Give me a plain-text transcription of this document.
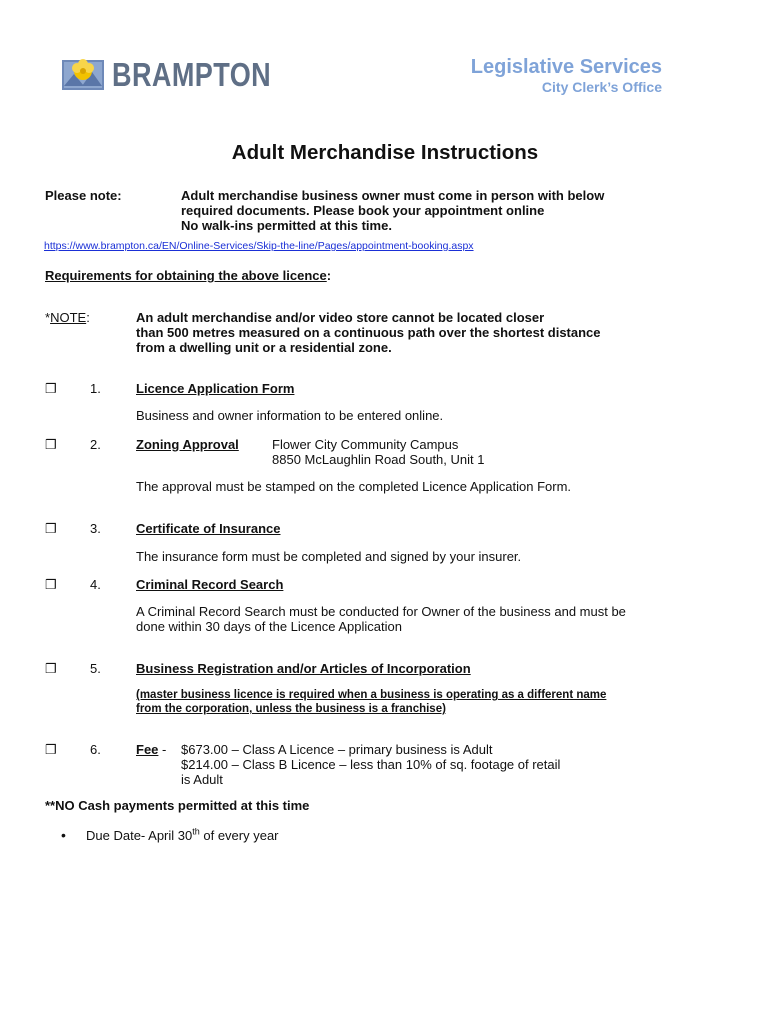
BRAMPTON	Legislative Services
City Clerk’s Office
Adult Merchandise Instructions
Please note:	Adult merchandise business owner must come in person with below
required documents. Please book your appointment online
No walk-ins permitted at this time.
https://www.brampton.ca/EN/Online-Services/Skip-the-line/Pages/appointment-booking.aspx
Requirements for obtaining the above licence:
*NOTE:	An adult merchandise and/or video store cannot be located closer
than 500 metres measured on a continuous path over the shortest distance
from a dwelling unit or a residential zone.
❒	1.	Licence Application Form
Business and owner information to be entered online.
❒	2.	Zoning Approval	Flower City Community Campus
8850 McLaughlin Road South, Unit 1
The approval must be stamped on the completed Licence Application Form.
❒	3.	Certificate of Insurance
The insurance form must be completed and signed by your insurer.
❒	4.	Criminal Record Search
A Criminal Record Search must be conducted for Owner of the business and must be
done within 30 days of the Licence Application
❒	5.	Business Registration and/or Articles of Incorporation
(master business licence is required when a business is operating as a different name
from the corporation, unless the business is a franchise)
❒	6.	Fee - $673.00 – Class A Licence – primary business is Adult
$214.00 – Class B Licence – less than 10% of sq. footage of retail
is Adult
**NO Cash payments permitted at this time
• Due Date- April 30th of every year
